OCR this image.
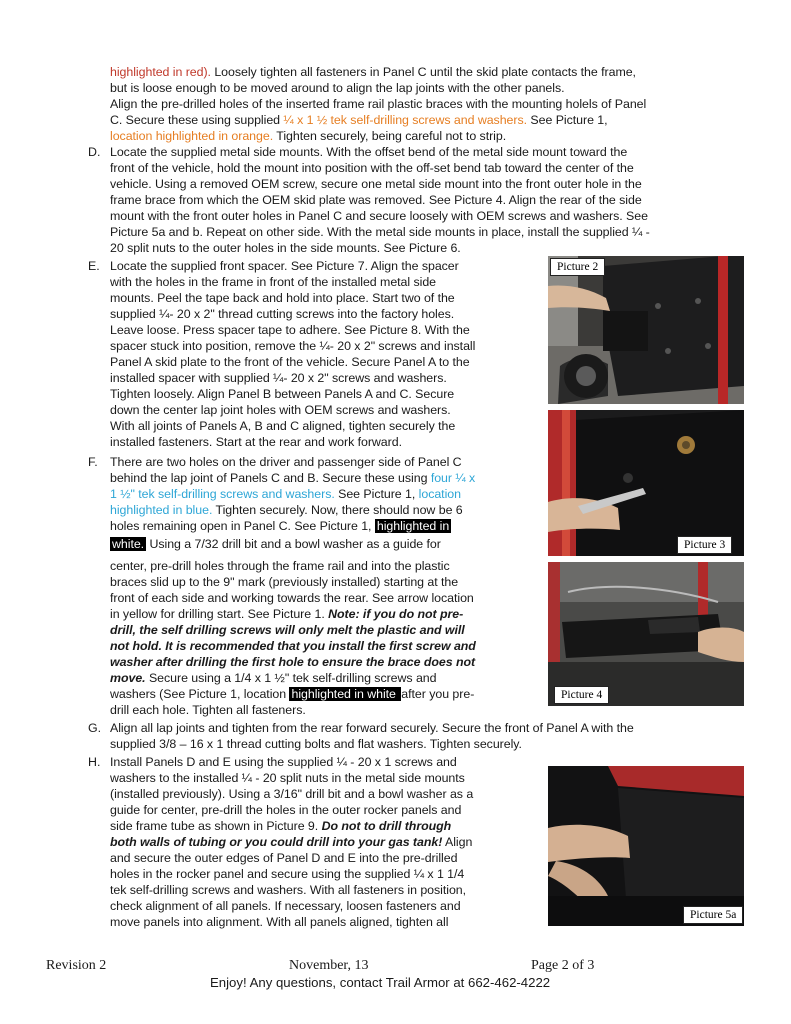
highlighted in red). Loosely tighten all fasteners in Panel C until the skid plate contacts the frame,
but is loose enough to be moved around to align the lap joints with the other panels.
Align the pre-drilled holes of the inserted frame rail plastic braces with the mounting holels of Panel
C. Secure these using supplied ¼ x 1 ½ tek self-drilling screws and washers. See Picture 1,
location highlighted in orange. Tighten securely, being careful not to strip.
D. Locate the supplied metal side mounts. With the offset bend of the metal side mount toward the
front of the vehicle, hold the mount into position with the off-set bend tab toward the center of the
vehicle. Using a removed OEM screw, secure one metal side mount into the front outer hole in the
frame brace from which the OEM skid plate was removed. See Picture 4. Align the rear of the side
mount with the front outer holes in Panel C and secure loosely with OEM screws and washers. See
Picture 5a and b. Repeat on other side. With the metal side mounts in place, install the supplied ¼ -
20 split nuts to the outer holes in the side mounts. See Picture 6.
E. Locate the supplied front spacer. See Picture 7. Align the spacer
with the holes in the frame in front of the installed metal side
mounts. Peel the tape back and hold into place. Start two of the
supplied ¼- 20 x 2" thread cutting screws into the factory holes.
Leave loose. Press spacer tape to adhere. See Picture 8. With the
spacer stuck into position, remove the ¼- 20 x 2" screws and install
Panel A skid plate to the front of the vehicle. Secure Panel A to the
installed spacer with supplied ¼- 20 x 2" screws and washers.
Tighten loosely. Align Panel B between Panels A and C. Secure
down the center lap joint holes with OEM screws and washers.
With all joints of Panels A, B and C aligned, tighten securely the
installed fasteners. Start at the rear and work forward.
F. There are two holes on the driver and passenger side of Panel C
behind the lap joint of Panels C and B. Secure these using four ¼ x
1 ½" tek self-drilling screws and washers. See Picture 1, location
highlighted in blue. Tighten securely. Now, there should now be 6
holes remaining open in Panel C. See Picture 1, highlighted in
white. Using a 7/32 drill bit and a bowl washer as a guide for
center, pre-drill holes through the frame rail and into the plastic
braces slid up to the 9" mark (previously installed) starting at the
front of each side and working towards the rear. See arrow location
in yellow for drilling start. See Picture 1. Note: if you do not pre-
drill, the self drilling screws will only melt the plastic and will
not hold. It is recommended that you install the first screw and
washer after drilling the first hole to ensure the brace does not
move. Secure using a 1/4 x 1 ½" tek self-drilling screws and
washers (See Picture 1, location highlighted in white after you pre-
drill each hole. Tighten all fasteners.
G. Align all lap joints and tighten from the rear forward securely. Secure the front of Panel A with the
supplied 3/8 – 16 x 1 thread cutting bolts and flat washers. Tighten securely.
H. Install Panels D and E using the supplied ¼ - 20 x 1 screws and
washers to the installed ¼ - 20 split nuts in the metal side mounts
(installed previously). Using a 3/16" drill bit and a bowl washer as a
guide for center, pre-drill the holes in the outer rocker panels and
side frame tube as shown in Picture 9. Do not to drill through
both walls of tubing or you could drill into your gas tank! Align
and secure the outer edges of Panel D and E into the pre-drilled
holes in the rocker panel and secure using the supplied ¼ x 1 1/4
tek self-drilling screws and washers. With all fasteners in position,
check alignment of all panels. If necessary, loosen fasteners and
move panels into alignment. With all panels aligned, tighten all
Picture 2
Picture 3
Picture 4
Picture 5a
Revision 2	November, 13	Page 2 of 3
Enjoy! Any questions, contact Trail Armor at 662-462-4222
